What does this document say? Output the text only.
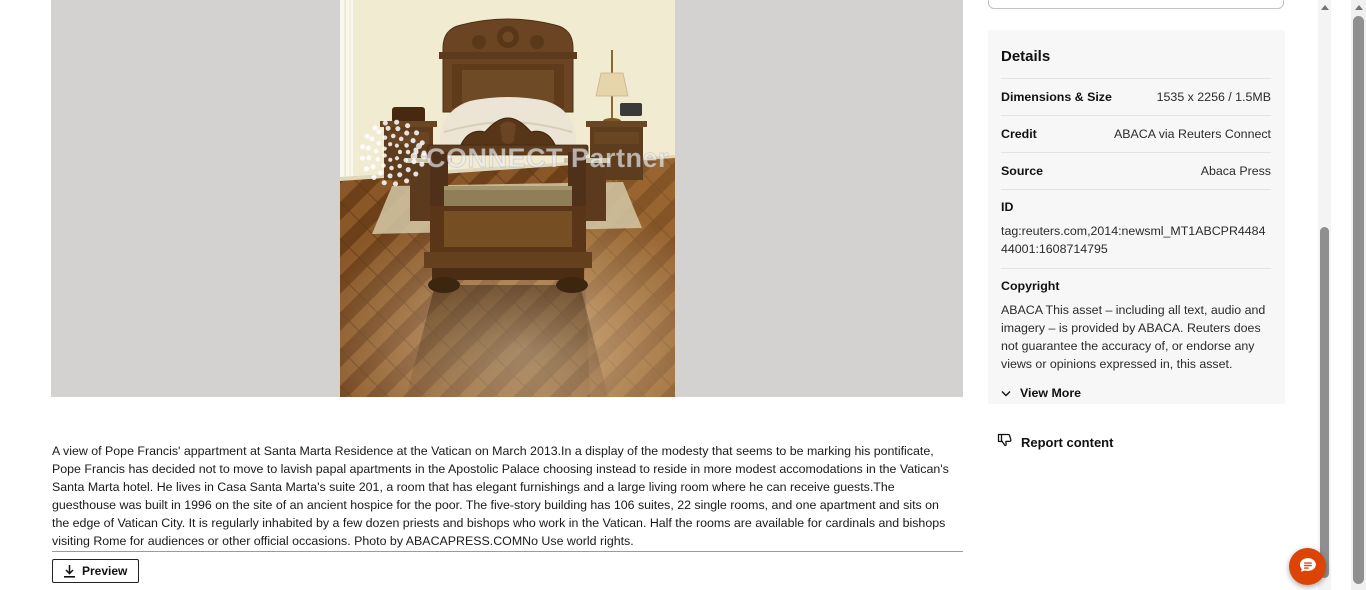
CONNECT Partner

A view of Pope Francis' appartment at Santa Marta Residence at the Vatican on March 2013.In a display of the modesty that seems to be marking his pontificate, Pope Francis has decided not to move to lavish papal apartments in the Apostolic Palace choosing instead to reside in more modest accomodations in the Vatican's Santa Marta hotel. He lives in Casa Santa Marta's suite 201, a room that has elegant furnishings and a large living room where he can receive guests.The guesthouse was built in 1996 on the site of an ancient hospice for the poor. The five-story building has 106 suites, 22 single rooms, and one apartment and sits on the edge of Vatican City. It is regularly inhabited by a few dozen priests and bishops who work in the Vatican. Half the rooms are available for cardinals and bishops visiting Rome for audiences or other official occasions. Photo by ABACAPRESS.COMNo Use world rights.

Preview
Details
Dimensions & Size	1535 x 2256 / 1.5MB
Credit	ABACA via Reuters Connect
Source	Abaca Press
ID
tag:reuters.com,2014:newsml_MT1ABCPR448444001:1608714795
Copyright
ABACA This asset – including all text, audio and imagery – is provided by ABACA. Reuters does not guarantee the accuracy of, or endorse any views or opinions expressed in, this asset.
View More
Report content
